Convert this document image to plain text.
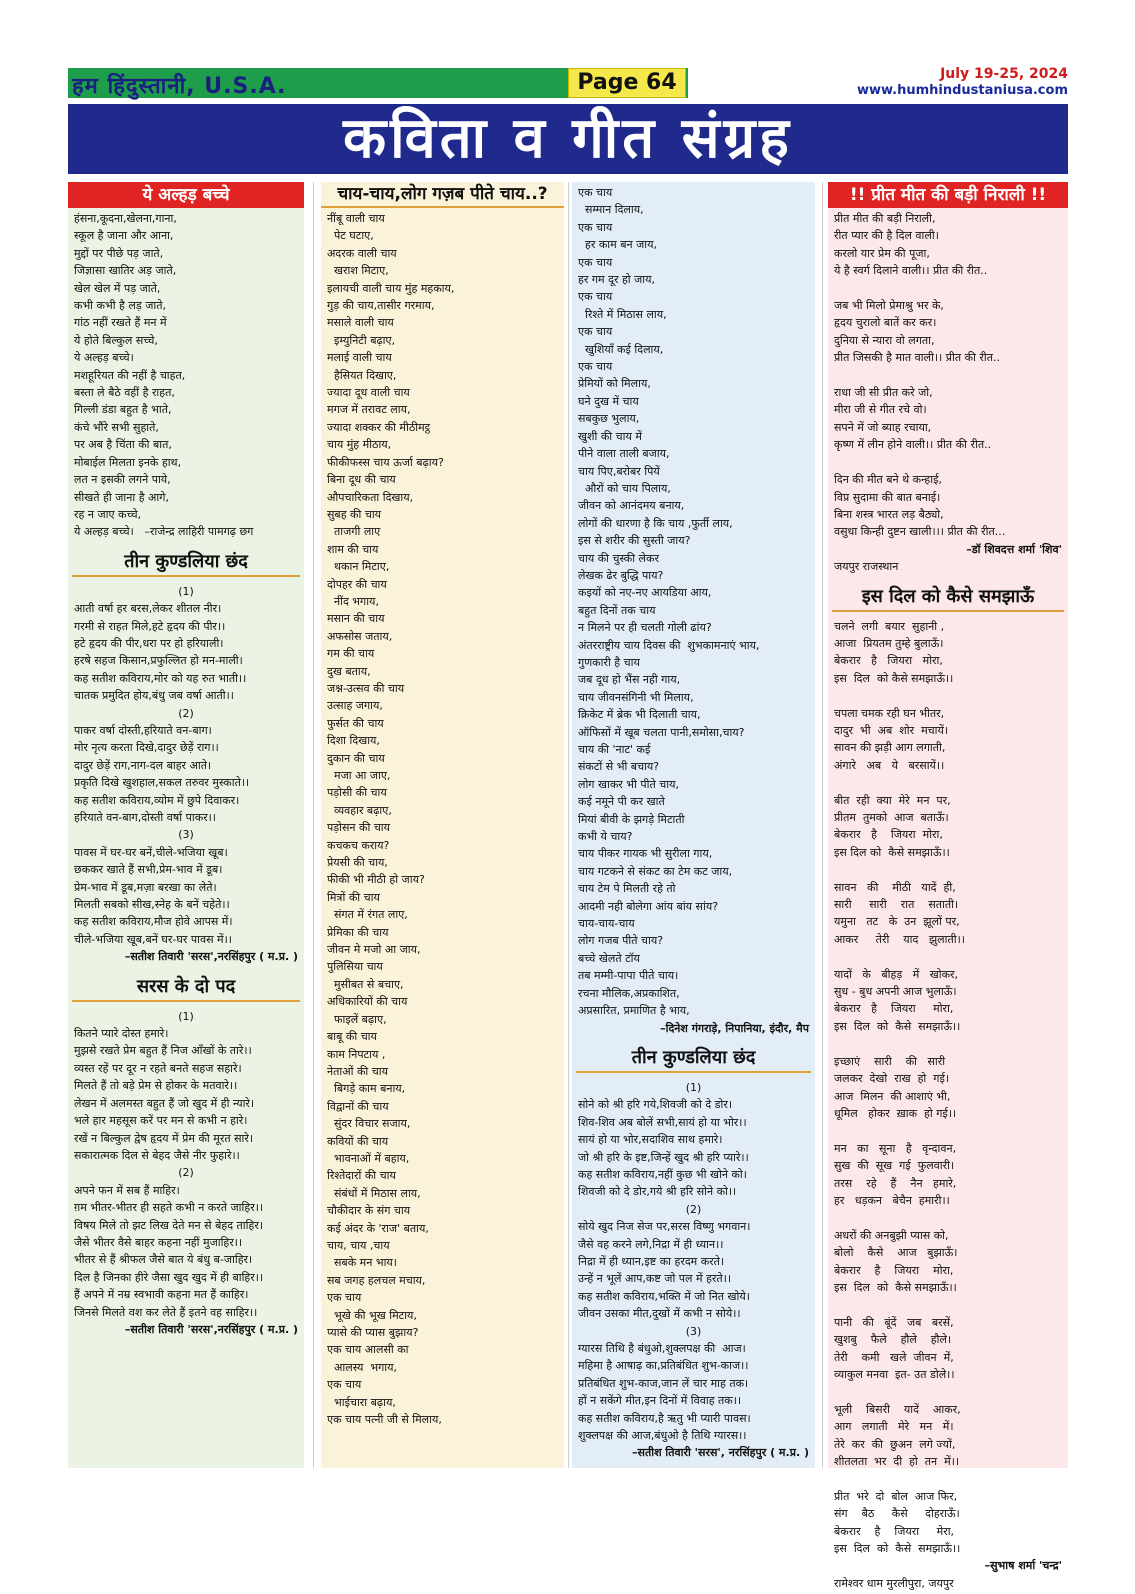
हम हिंदुस्तानी, U.S.A.	Page 64	July 19-25, 2024
www.humhindustaniusa.com
कविता व गीत संग्रह
ये अल्हड़ बच्चे
हंसना,कूदना,खेलना,गाना,
स्कूल है जाना और आना,
मुद्दों पर पीछे पड़ जाते,
जिज्ञासा खातिर अड़ जाते,
खेल खेल में पड़ जाते,
कभी कभी है लड़ जाते,
गांठ नहीं रखते हैं मन में
ये होते बिल्कुल सच्चे,
ये अल्हड़ बच्चे।
मशहूरियत की नहीं है चाहत,
बस्ता ले बैठे वहीं है राहत,
गिल्ली डंडा बहुत है भाते,
कंचे भौंरे सभी सुहाते,
पर अब है चिंता की बात,
मोबाईल मिलता इनके हाथ,
लत न इसकी लगने पाये,
सीखते ही जाना है आगे,
रह न जाए कच्चे,
ये अल्हड़ बच्चे।   –राजेन्द्र लाहिरी पामगढ़ छग
तीन कुण्डलिया छंद
(1)
आती वर्षा हर बरस,लेकर शीतल नीर।
गरमी से राहत मिले,हटे हृदय की पीर।।
हटे हृदय की पीर,धरा पर हो हरियाली।
हरषे सहज किसान,प्रफुल्लित हो मन-माली।
कह सतीश कविराय,मोर को यह रुत भाती।।
चातक प्रमुदित होय,बंधु जब वर्षा आती।।
(2)
पाकर वर्षा दोस्ती,हरियाते वन-बाग।
मोर नृत्य करता दिखे,दादुर छेड़ें राग।।
दादुर छेड़ें राग,नाग-दल बाहर आते।
प्रकृति दिखे खुशहाल,सकल तरुवर मुस्काते।।
कह सतीश कविराय,व्योम में छुपे दिवाकर।
हरियाते वन-बाग,दोस्ती वर्षा पाकर।।
(3)
पावस में घर-घर बनें,चीले-भजिया खूब।
छककर खाते हैं सभी,प्रेम-भाव में डूब।
प्रेम-भाव में डूब,मज़ा बरखा का लेते।
मिलती सबको सीख,स्नेह के बनें चहेते।।
कह सतीश कविराय,मौज होवे आपस में।
चीले-भजिया खूब,बनें घर-घर पावस में।।
–सतीश तिवारी 'सरस',नरसिंहपुर ( म.प्र. )
सरस के दो पद
(1)
कितने प्यारे दोस्त हमारे।
मुझसे रखते प्रेम बहुत हैं निज आँखों के तारे।।
व्यस्त रहें पर दूर न रहते बनते सहज सहारे।
मिलते हैं तो बड़े प्रेम से होकर के मतवारे।।
लेखन में अलमस्त बहुत हैं जो खुद में ही न्यारे।
भले हार महसूस करें पर मन से कभी न हारे।
रखें न बिल्कुल द्वेष हृदय में प्रेम की मूरत सारे।
सकारात्मक दिल से बेहद जैसे नीर फुहारे।।
(2)
अपने फन में सब हैं माहिर।
ग़म भीतर-भीतर ही सहते कभी न करते जाहिर।।
विषय मिले तो झट लिख देते मन से बेहद ताहिर।
जैसे भीतर वैसे बाहर कहना नहीं मुजाहिर।।
भीतर से हैं श्रीफल जैसे बात ये बंधु ब-जाहिर।
दिल है जिनका हीरे जैसा खुद खुद में ही बाहिर।।
हैं अपने में नम्र स्वभावी कहना मत हैं काहिर।
जिनसे मिलते वश कर लेते हैं इतने वह साहिर।।
–सतीश तिवारी 'सरस',नरसिंहपुर ( म.प्र. )
चाय-चाय,लोग गज़ब पीते चाय..?
नींबू वाली चाय
पेट घटाए,
अदरक वाली चाय
खराश मिटाए,
इलायची वाली चाय मुंह महकाय,
गुड़ की चाय,तासीर गरमाय,
मसाले वाली चाय
इम्युनिटी बढ़ाए,
मलाई वाली चाय
हैसियत दिखाए,
ज्यादा दूध वाली चाय
मगज में तरावट लाय,
ज्यादा शक्कर की मीठीमट्ठ
चाय मुंह मीठाय,
फीकीफस्स चाय ऊर्जा बढ़ाय?
बिना दूध की चाय
औपचारिकता दिखाय,
सुबह की चाय
ताजगी लाए
शाम की चाय
थकान मिटाए,
दोपहर की चाय
नींद भगाय,
मसान की चाय
अफसोस जताय,
गम की चाय
दुख बताय,
जश्न-उत्सव की चाय
उत्साह जगाय,
फुर्सत की चाय
दिशा दिखाय,
दुकान की चाय
मजा आ जाए,
पड़ोसी की चाय
व्यवहार बढ़ाए,
पड़ोसन की चाय
कचकच कराय?
प्रेयसी की चाय,
फीकी भी मीठी हो जाय?
मित्रों की चाय
संगत में रंगत लाए,
प्रेमिका की चाय
जीवन मे मजो आ जाय,
पुलिसिया चाय
मुसीबत से बचाए,
अधिकारियों की चाय
फाइलें बढ़ाए,
बाबू की चाय
काम निपटाय ,
नेताओं की चाय
बिगड़े काम बनाय,
विद्वानों की चाय
सुंदर विचार सजाय,
कवियों की चाय
भावनाओं में बहाय,
रिश्तेदारों की चाय
संबंधों में मिठास लाय,
चौकीदार के संग चाय
कई अंदर के 'राज' बताय,
चाय, चाय ,चाय
सबके मन भाय।
सब जगह हलचल मचाय,
एक चाय
भूखे की भूख मिटाय,
प्यासे की प्यास बुझाय?
एक चाय आलसी का
आलस्य  भगाय,
एक चाय
भाईचारा बढ़ाय,
एक चाय पत्नी जी से मिलाय,
एक चाय
सम्मान दिलाय,
एक चाय
हर काम बन जाय,
एक चाय
हर गम दूर हो जाय,
एक चाय
रिश्ते में मिठास लाय,
एक चाय
खुशियाँ कई दिलाय,
एक चाय
प्रेमियों को मिलाय,
घने दुख में चाय
सबकुछ भुलाय,
खुशी की चाय में
पीने वाला ताली बजाय,
चाय पिए,बरोबर पियें
औरों को चाय पिलाय,
जीवन को आनंदमय बनाय,
लोगों की धारणा है कि चाय ,फुर्ती लाय,
इस से शरीर की सुस्ती जाय?
चाय की चुस्की लेकर
लेखक ढेर बुद्धि पाय?
कइयों को नए-नए आयडिया आय,
बहुत दिनों तक चाय
न मिलने पर ही चलती गोली ढांय?
अंतरराष्ट्रीय चाय दिवस की  शुभकामनाएं भाय,
गुणकारी है चाय
जब दूध हो भैंस नही गाय,
चाय जीवनसंगिनी भी मिलाय,
क्रिकेट में ब्रेक भी दिलाती चाय,
ऑफिसों में खूब चलता पानी,समोसा,चाय?
चाय की 'नाट' कई
संकटों से भी बचाय?
लोग खाकर भी पीते चाय,
कई नमूने पी कर खाते
मियां बीवी के झगड़े मिटाती
कभी ये चाय?
चाय पीकर गायक भी सुरीला गाय,
चाय गटकने से संकट का टेम कट जाय,
चाय टेम पे मिलती रहे तो
आदमी नही बोलेगा आंय बांय सांय?
चाय-चाय-चाय
लोग गजब पीते चाय?
बच्चे खेलते टॉय
तब मम्मी-पापा पीते चाय।
रचना मौलिक,अप्रकाशित,
अप्रसारित, प्रमाणित है भाय,
–दिनेश गंगराड़े, निपानिया, इंदौर, मैप
तीन कुण्डलिया छंद
(1)
सोने को श्री हरि गये,शिवजी को दे डोर।
शिव-शिव अब बोलें सभी,सायं हो या भोर।।
सायं हो या भोर,सदाशिव साथ हमारे।
जो श्री हरि के इष्ट,जिन्हें खुद श्री हरि प्यारे।।
कह सतीश कविराय,नहीं कुछ भी खोने को।
शिवजी को दे डोर,गये श्री हरि सोने को।।
(2)
सोये खुद निज सेज पर,सरस विष्णु भगवान।
जैसे वह करने लगे,निद्रा में ही ध्यान।।
निद्रा में ही ध्यान,इष्ट का हरदम करते।
उन्हें न भूलें आप,कष्ट जो पल में हरते।।
कह सतीश कविराय,भक्ति में जो नित खोये।
जीवन उसका मीत,दुखों में कभी न सोये।।
(3)
ग्यारस तिथि है बंधुओ,शुक्लपक्ष की  आज।
महिमा है आषाढ़ का,प्रतिबंधित शुभ-काज।।
प्रतिबंधित शुभ-काज,जान लें चार माह तक।
हों न सकेंगे मीत,इन दिनों में विवाह तक।।
कह सतीश कविराय,है ऋतु भी प्यारी पावस।
शुक्लपक्ष की आज,बंधुओ है तिथि ग्यारस।।
–सतीश तिवारी 'सरस', नरसिंहपुर ( म.प्र. )
!! प्रीत मीत की बड़ी निराली !!
प्रीत मीत की बड़ी निराली,
रीत प्यार की है दिल वाली।
करलो यार प्रेम की पूजा,
ये है स्वर्ग दिलाने वाली।। प्रीत की रीत..

जब भी मिलो प्रेमाश्रु भर के,
हृदय चुरालो बातें कर कर।
दुनिया से न्यारा वो लगता,
प्रीत जिसकी है मात वाली।। प्रीत की रीत..

राधा जी सी प्रीत करे जो,
मीरा जी से गीत रचे वो।
सपने में जो ब्याह रचाया,
कृष्ण में लीन होने वाली।। प्रीत की रीत..

दिन की मीत बने थे कन्हाई,
विप्र सुदामा की बात बनाई।
बिना शस्त्र भारत लड़ बैठ्यो,
वसुधा किन्ही दुष्टन खाली।।। प्रीत की रीत...
–डॉ शिवदत्त शर्मा 'शिव'
जयपुर राजस्थान
इस दिल को कैसे समझाऊँ
चलने  लगी  बयार  सुहानी ,
आजा  प्रियतम तुम्हे बुलाऊँ।
बेकरार   है   जियरा   मोरा,
इस  दिल  को कैसे समझाऊँ।।

चपला चमक रही घन भीतर,
दादुर  भी  अब  शोर  मचायें।
सावन की झड़ी आग लगाती,
अंगारे   अब   ये   बरसायें।।

बीत  रही  क्या  मेरे  मन  पर,
प्रीतम  तुमको  आज  बताऊँ।
बेकरार   है    जियरा  मोरा,
इस दिल को  कैसे समझाऊँ।।

सावन   की    मीठी   यादें  ही,
सारी     सारी    रात    सताती।
यमुना   तट   के  उन  झूलों पर,
आकर     तेरी    याद   झुलाती।।

यादों   के   बीहड़   में   खोकर,
सुध - बुध अपनी आज भुलाऊँ।
बेकरार   है    जियरा     मोरा,
इस  दिल  को  कैसे  समझाऊँ।।

इच्छाएं    सारी    की   सारी
जलकर  देखो  राख  हो  गई।
आज  मिलन  की आशाएं भी,
धूमिल   होकर  ख़ाक  हो गई।।

मन   का   सूना   है   वृन्दावन,
सुख  की  सूख  गई  फुलवारी।
तरस    रहे    हैं    नैन   हमारे,
हर   धड़कन   बेचैन  हमारी।।

अधरों की अनबुझी प्यास को,
बोलो    कैसे    आज   बुझाऊँ।
बेकरार    है    जियरा    मोरा,
इस  दिल  को  कैसे समझाऊँ।।

पानी   की   बूंदें   जब   बरसें,
खुशबु    फैले    हौले    हौले।
तेरी    कमी   खले  जीवन  में,
व्याकुल मनवा  इत- उत डोले।।

भूली    बिसरी    यादें    आकर,
आग   लगाती   मेरे   मन   में।
तेरे  कर  की  छुअन  लगे ज्यों,
शीतलता  भर  दी  हो  तन  में।।

प्रीत  भरे  दो  बोल  आज फिर,
संग    बैठ     कैसे     दोहराऊँ।
बेकरार    है    जियरा     मेरा,
इस  दिल  को  कैसे  समझाऊँ।।
–सुभाष शर्मा 'चन्द्र'
रामेश्वर धाम मुरलीपुरा, जयपुर
